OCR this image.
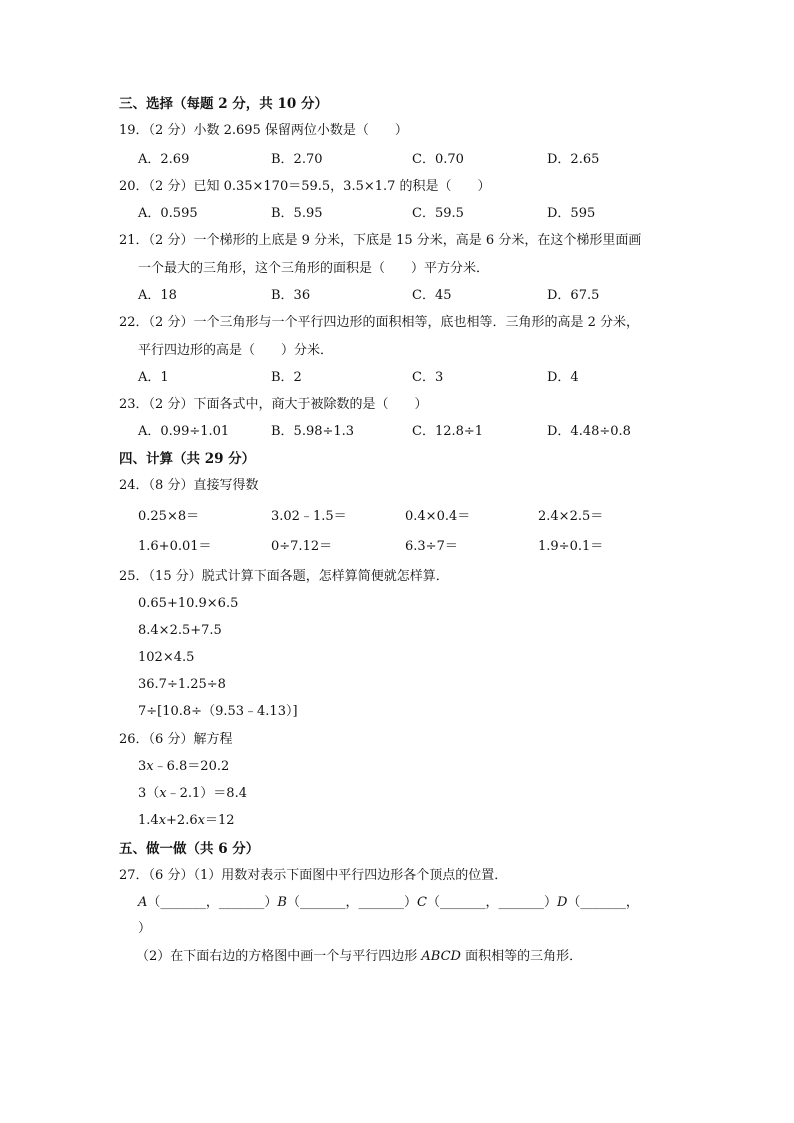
三、选择（每题 2 分，共 10 分）
19．（2 分）小数 2.695 保留两位小数是（　　）
A．2.69	B．2.70	C．0.70	D．2.65
20．（2 分）已知 0.35×170＝59.5，3.5×1.7 的积是（　　）
A．0.595	B．5.95	C．59.5	D．595
21．（2 分）一个梯形的上底是 9 分米，下底是 15 分米，高是 6 分米，在这个梯形里面画
一个最大的三角形，这个三角形的面积是（　　）平方分米．
A．18	B．36	C．45	D．67.5
22．（2 分）一个三角形与一个平行四边形的面积相等，底也相等．三角形的高是 2 分米，
平行四边形的高是（　　）分米．
A．1	B．2	C．3	D．4
23．（2 分）下面各式中，商大于被除数的是（　　）
A．0.99÷1.01	B．5.98÷1.3	C．12.8÷1	D．4.48÷0.8
四、计算（共 29 分）
24．（8 分）直接写得数
0.25×8＝	3.02﹣1.5＝	0.4×0.4＝	2.4×2.5＝
1.6+0.01＝	0÷7.12＝	6.3÷7＝	1.9÷0.1＝
25．（15 分）脱式计算下面各题，怎样算简便就怎样算．
0.65+10.9×6.5
8.4×2.5+7.5
102×4.5
36.7÷1.25÷8
7÷[10.8÷（9.53﹣4.13）]
26．（6 分）解方程
3x﹣6.8＝20.2
3（x﹣2.1）＝8.4
1.4x+2.6x＝12
五、做一做（共 6 分）
27．（6 分）（1）用数对表示下面图中平行四边形各个顶点的位置．
A（_______，_______）B（_______，_______）C（_______，_______）D（_______，
）
（2）在下面右边的方格图中画一个与平行四边形 ABCD 面积相等的三角形．
